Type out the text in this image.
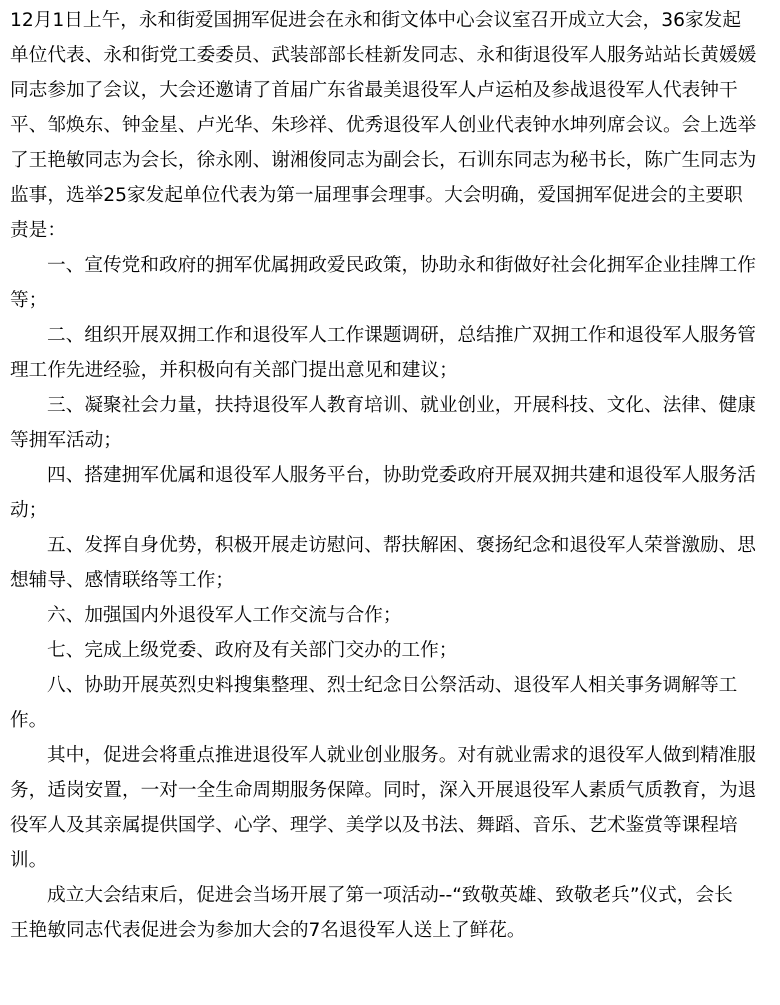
12月1日上午，永和街爱国拥军促进会在永和街文体中心会议室召开成立大会，36家发起
单位代表、永和街党工委委员、武装部部长桂新发同志、永和街退役军人服务站站长黄媛媛
同志参加了会议，大会还邀请了首届广东省最美退役军人卢运柏及参战退役军人代表钟干
平、邹焕东、钟金星、卢光华、朱珍祥、优秀退役军人创业代表钟水坤列席会议。会上选举
了王艳敏同志为会长，徐永刚、谢湘俊同志为副会长，石训东同志为秘书长，陈广生同志为
监事，选举25家发起单位代表为第一届理事会理事。大会明确，爱国拥军促进会的主要职
责是：
一、宣传党和政府的拥军优属拥政爱民政策，协助永和街做好社会化拥军企业挂牌工作
等；
二、组织开展双拥工作和退役军人工作课题调研，总结推广双拥工作和退役军人服务管
理工作先进经验，并积极向有关部门提出意见和建议；
三、凝聚社会力量，扶持退役军人教育培训、就业创业，开展科技、文化、法律、健康
等拥军活动；
四、搭建拥军优属和退役军人服务平台，协助党委政府开展双拥共建和退役军人服务活
动；
五、发挥自身优势，积极开展走访慰问、帮扶解困、褒扬纪念和退役军人荣誉激励、思
想辅导、感情联络等工作；
六、加强国内外退役军人工作交流与合作；
七、完成上级党委、政府及有关部门交办的工作；
八、协助开展英烈史料搜集整理、烈士纪念日公祭活动、退役军人相关事务调解等工
作。
其中，促进会将重点推进退役军人就业创业服务。对有就业需求的退役军人做到精准服
务，适岗安置，一对一全生命周期服务保障。同时，深入开展退役军人素质气质教育，为退
役军人及其亲属提供国学、心学、理学、美学以及书法、舞蹈、音乐、艺术鉴赏等课程培
训。
成立大会结束后，促进会当场开展了第一项活动--“致敬英雄、致敬老兵”仪式，会长
王艳敏同志代表促进会为参加大会的7名退役军人送上了鲜花。
